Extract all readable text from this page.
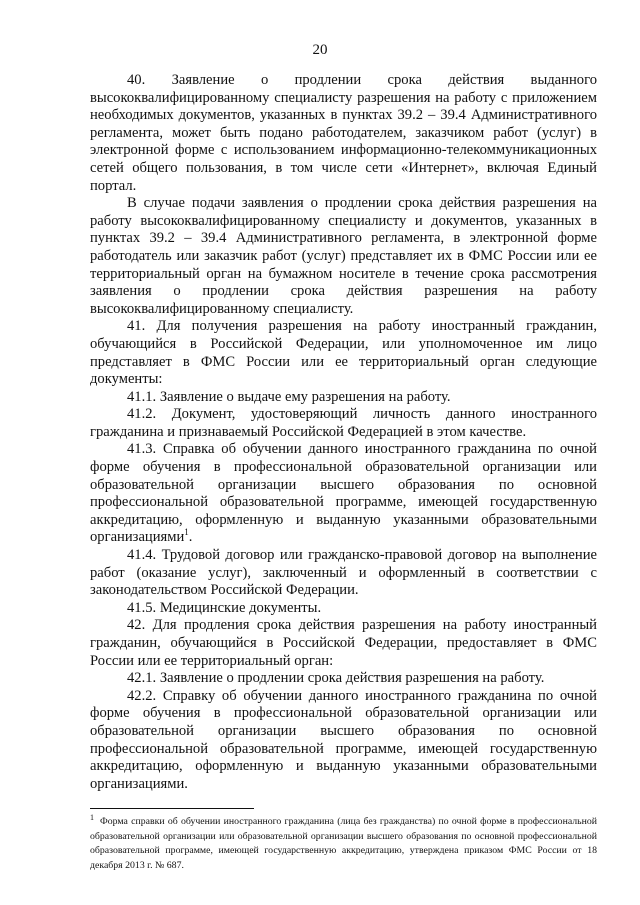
20

40. Заявление о продлении срока действия выданного высококвалифицированному специалисту разрешения на работу с приложением необходимых документов, указанных в пунктах 39.2 – 39.4 Административного регламента, может быть подано работодателем, заказчиком работ (услуг) в электронной форме с использованием информационно-телекоммуникационных сетей общего пользования, в том числе сети «Интернет», включая Единый портал.

В случае подачи заявления о продлении срока действия разрешения на работу высококвалифицированному специалисту и документов, указанных в пунктах 39.2 – 39.4 Административного регламента, в электронной форме работодатель или заказчик работ (услуг) представляет их в ФМС России или ее территориальный орган на бумажном носителе в течение срока рассмотрения заявления о продлении срока действия разрешения на работу высококвалифицированному специалисту.

41. Для получения разрешения на работу иностранный гражданин, обучающийся в Российской Федерации, или уполномоченное им лицо представляет в ФМС России или ее территориальный орган следующие документы:

41.1. Заявление о выдаче ему разрешения на работу.

41.2. Документ, удостоверяющий личность данного иностранного гражданина и признаваемый Российской Федерацией в этом качестве.

41.3. Справка об обучении данного иностранного гражданина по очной форме обучения в профессиональной образовательной организации или образовательной организации высшего образования по основной профессиональной образовательной программе, имеющей государственную аккредитацию, оформленную и выданную указанными образовательными организациями$^1$.

41.4. Трудовой договор или гражданско-правовой договор на выполнение работ (оказание услуг), заключенный и оформленный в соответствии с законодательством Российской Федерации.

41.5. Медицинские документы.

42. Для продления срока действия разрешения на работу иностранный гражданин, обучающийся в Российской Федерации, предоставляет в ФМС России или ее территориальный орган:

42.1. Заявление о продлении срока действия разрешения на работу.

42.2. Справку об обучении данного иностранного гражданина по очной форме обучения в профессиональной образовательной организации или образовательной организации высшего образования по основной профессиональной образовательной программе, имеющей государственную аккредитацию, оформленную и выданную указанными образовательными организациями.

$^1$ Форма справки об обучении иностранного гражданина (лица без гражданства) по очной форме в профессиональной образовательной организации или образовательной организации высшего образования по основной профессиональной образовательной программе, имеющей государственную аккредитацию, утверждена приказом ФМС России от 18 декабря 2013 г. № 687.
